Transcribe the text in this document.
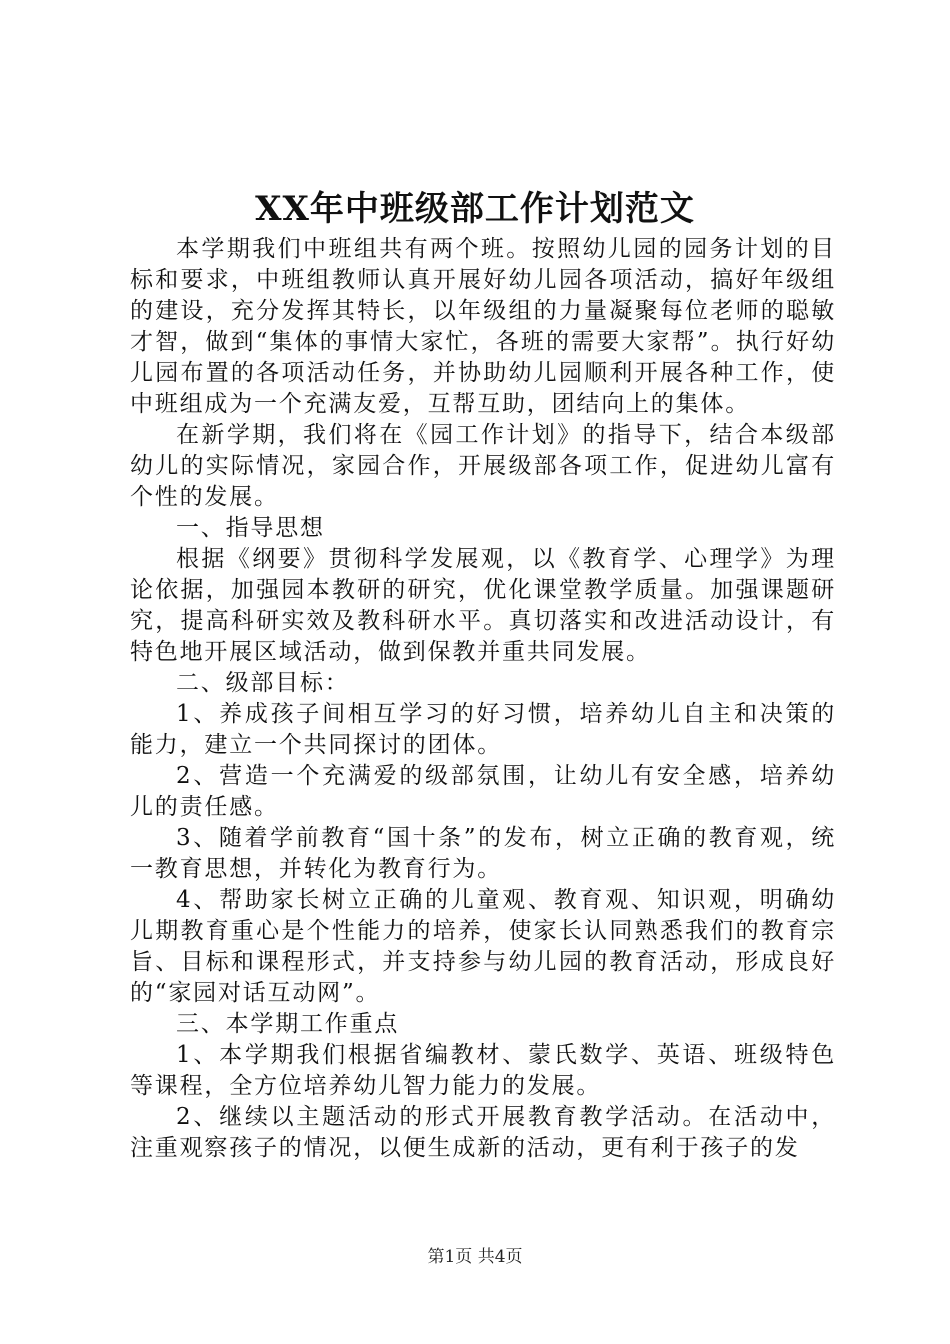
XX年中班级部工作计划范文

本学期我们中班组共有两个班。按照幼儿园的园务计划的目标和要求，中班组教师认真开展好幼儿园各项活动，搞好年级组的建设，充分发挥其特长，以年级组的力量凝聚每位老师的聪敏才智，做到“集体的事情大家忙，各班的需要大家帮”。执行好幼儿园布置的各项活动任务，并协助幼儿园顺利开展各种工作，使中班组成为一个充满友爱，互帮互助，团结向上的集体。

在新学期，我们将在《园工作计划》的指导下，结合本级部幼儿的实际情况，家园合作，开展级部各项工作，促进幼儿富有个性的发展。

一、指导思想

根据《纲要》贯彻科学发展观，以《教育学、心理学》为理论依据，加强园本教研的研究，优化课堂教学质量。加强课题研究，提高科研实效及教科研水平。真切落实和改进活动设计，有特色地开展区域活动，做到保教并重共同发展。

二、级部目标：

1、养成孩子间相互学习的好习惯，培养幼儿自主和决策的能力，建立一个共同探讨的团体。

2、营造一个充满爱的级部氛围，让幼儿有安全感，培养幼儿的责任感。

3、随着学前教育“国十条”的发布，树立正确的教育观，统一教育思想，并转化为教育行为。

4、帮助家长树立正确的儿童观、教育观、知识观，明确幼儿期教育重心是个性能力的培养，使家长认同熟悉我们的教育宗旨、目标和课程形式，并支持参与幼儿园的教育活动，形成良好的“家园对话互动网”。

三、本学期工作重点

1、本学期我们根据省编教材、蒙氏数学、英语、班级特色等课程，全方位培养幼儿智力能力的发展。

2、继续以主题活动的形式开展教育教学活动。在活动中，注重观察孩子的情况，以便生成新的活动，更有利于孩子的发

第1页 共4页
